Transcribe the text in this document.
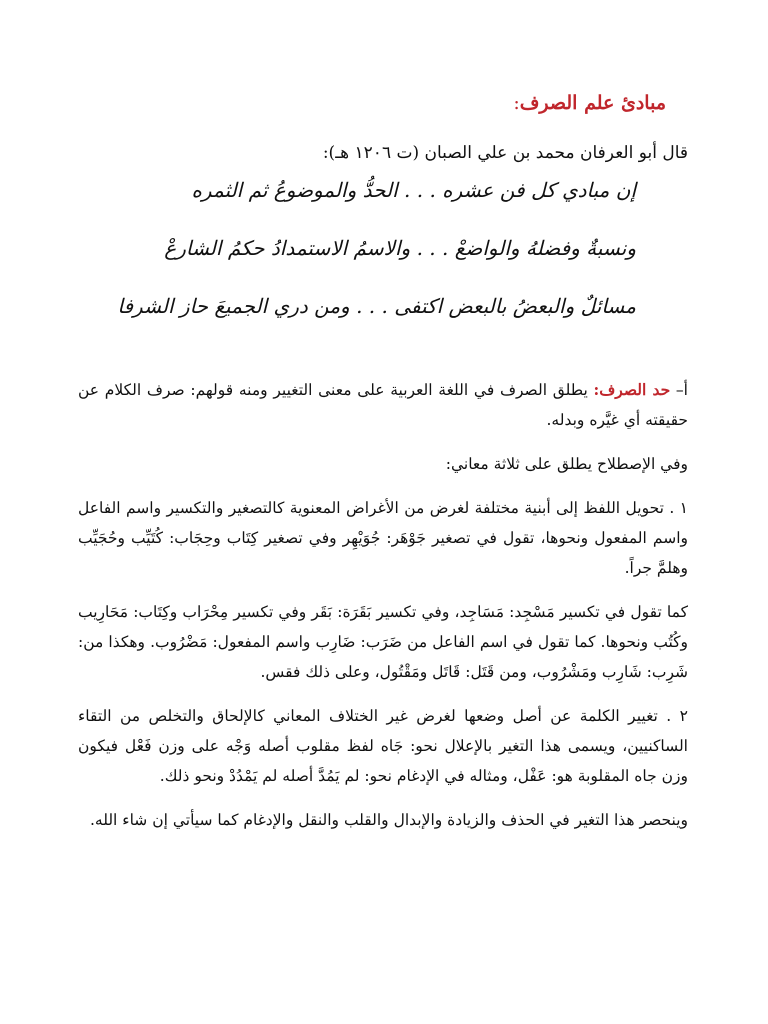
مبادئ علم الصرف:

قال أبو العرفان محمد بن علي الصبان (ت ١٢٠٦ هـ):

إن مبادي كل فن عشره . . . الحدُّ والموضوعُ ثم الثمره
ونسبةٌ وفضلهُ والواضعْ . . . والاسمُ الاستمدادُ حكمُ الشارعْ
مسائلٌ والبعضُ بالبعض اكتفى . . . ومن دري الجميعَ حاز الشرفا

أ– حد الصرف: يطلق الصرف في اللغة العربية على معنى التغيير ومنه قولهم: صرف الكلام عن حقيقته أي غيَّره وبدله.

وفي الإصطلاح يطلق على ثلاثة معاني:

١ . تحويل اللفظ إلى أبنية مختلفة لغرض من الأغراض المعنوية كالتصغير والتكسير واسم الفاعل واسم المفعول ونحوها، تقول في تصغير جَوْهَر: جُوَيْهِر وفي تصغير كِتَاب وحِجَاب: كُتَيِّب وحُجَيِّب وهلمَّ جراً.

كما تقول في تكسير مَسْجِد: مَسَاجِد، وفي تكسير بَقَرَة: بَقَر وفي تكسير مِحْرَاب وكِتَاب: مَحَارِيب وكُتُب ونحوها. كما تقول في اسم الفاعل من ضَرَب: ضَارِب واسم المفعول: مَضْرُوب. وهكذا من: شَرِب: شَارِب ومَشْرُوب، ومن قَتَل: قَاتَل ومَقْتُول، وعلى ذلك فقس.

٢ . تغيير الكلمة عن أصل وضعها لغرض غير الختلاف المعاني كالإلحاق والتخلص من التقاء الساكنيين، ويسمى هذا التغير بالإعلال نحو: جَاه لفظ مقلوب أصله وَجْه على وزن فَعْل فيكون وزن جاه المقلوبة هو: عَفْل، ومثاله في الإدغام نحو: لم يَمُدَّ أصله لم يَمْدُدْ ونحو ذلك.

وينحصر هذا التغير في الحذف والزيادة والإبدال والقلب والنقل والإدغام كما سيأتي إن شاء الله.
